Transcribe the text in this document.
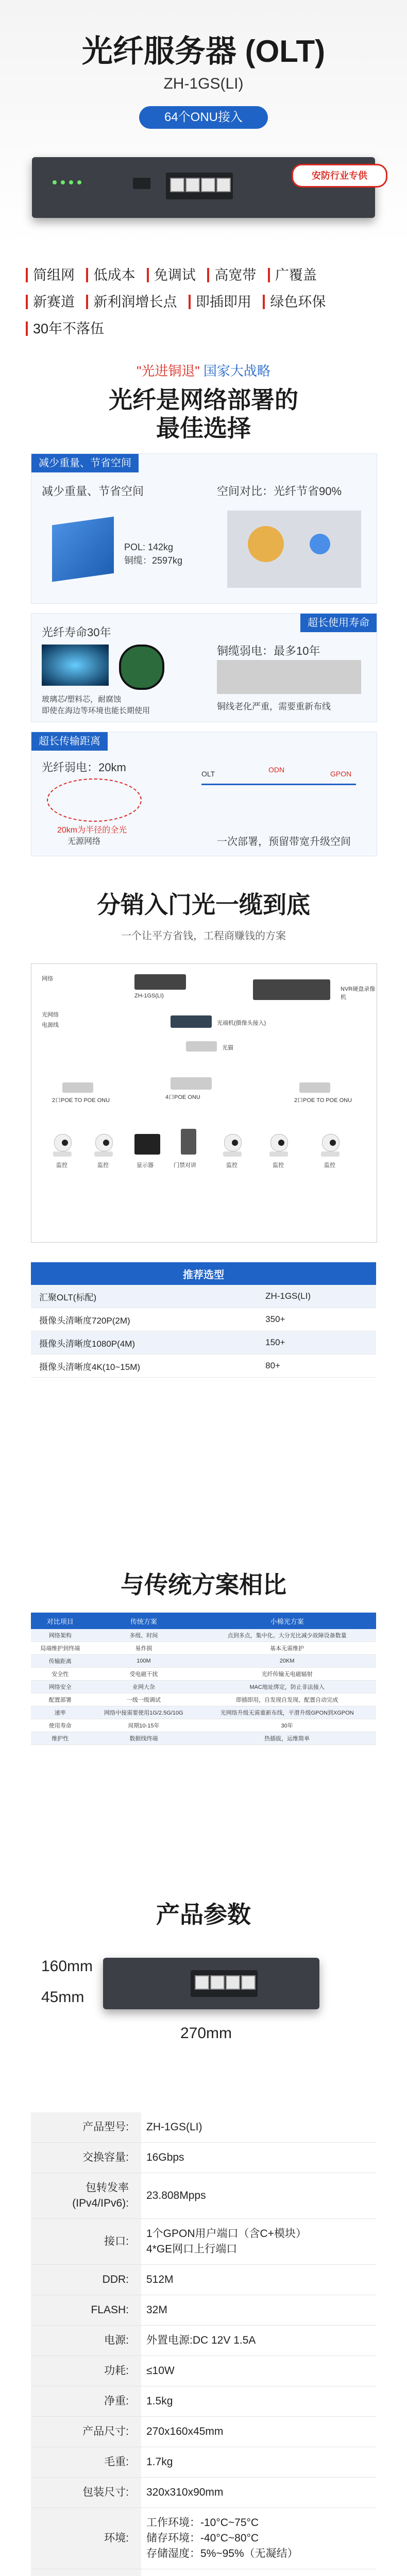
光纤服务器 (OLT)
ZH-1GS(LI)
64个ONU接入
安防行业专供
简组网 低成本 免调试 高宽带 广覆盖 新赛道 新利润增长点 即插即用 绿色环保 30年不落伍
"光进铜退" 国家大战略
光纤是网络部署的
最佳选择
减少重量、节省空间
减少重量、节省空间
POL: 142kg
铜缆：2597kg
空间对比：光纤节省90%
光纤寿命30年
超长使用寿命
玻璃芯/塑料芯，耐腐蚀
即使在海边等环境也能长期使用
铜缆弱电：最多10年
铜线老化严重，需要重新布线
超长传输距离
光纤弱电：20km
20km为半径的全光
无源网络
OLT	ODN	GPON
一次部署，预留带宽升级空间
分销入门光一缆到底
一个让平方省钱，工程商赚钱的方案
网络
ZH-1GS(LI)
NVR硬盘录像机
电源线
光网络
光端机(摄像头接入)
光猫
2口POE TO POE ONU	4口POE ONU	2口POE TO POE ONU
监控	监控	显示器	门禁对讲	监控	监控	监控
推荐选型	
汇聚OLT(标配)	ZH-1GS(LI)
摄像头清晰度720P(2M)	350+
摄像头清晰度1080P(4M)	150+
摄像头清晰度4K(10~15M)	80+
与传统方案相比
对比项目	传统方案	小棉光方案
网络架构	多级、时间	点到多点，集中化。大分光比减少故障设备数量
局端维护到终端	易炸损	基本无需维护
传输距离	100M	20KM
安全性	受电磁干扰	光纤传输无电磁辐射
网络安全	业网大杂	MAC地址绑定，防止非法接入
配置部署	一级一级调试	即插即用，自发现自发现、配置自动完成
速率	网络中接需要使用1G/2.5G/10G	光网络升级无需重新布线，平滑升级GPON到XGPON
使用寿命	周期10-15年	30年
维护性	数据线终端	热插拔，运维简单
产品参数
160mm
45mm
270mm
产品型号:	ZH-1GS(LI)
交换容量:	16Gbps
包转发率
(IPv4/IPv6):	23.808Mpps
接口:	1个GPON用户端口（含C+模块）
4*GE网口上行端口
DDR:	512M
FLASH:	32M
电源:	外置电源:DC 12V 1.5A
功耗:	≤10W
净重:	1.5kg
产品尺寸:	270x160x45mm
毛重:	1.7kg
包装尺寸:	320x310x90mm
环境:	工作环境：-10°C~75°C
储存环境：-40°C~80°C
存储湿度：5%~95%（无凝结）
